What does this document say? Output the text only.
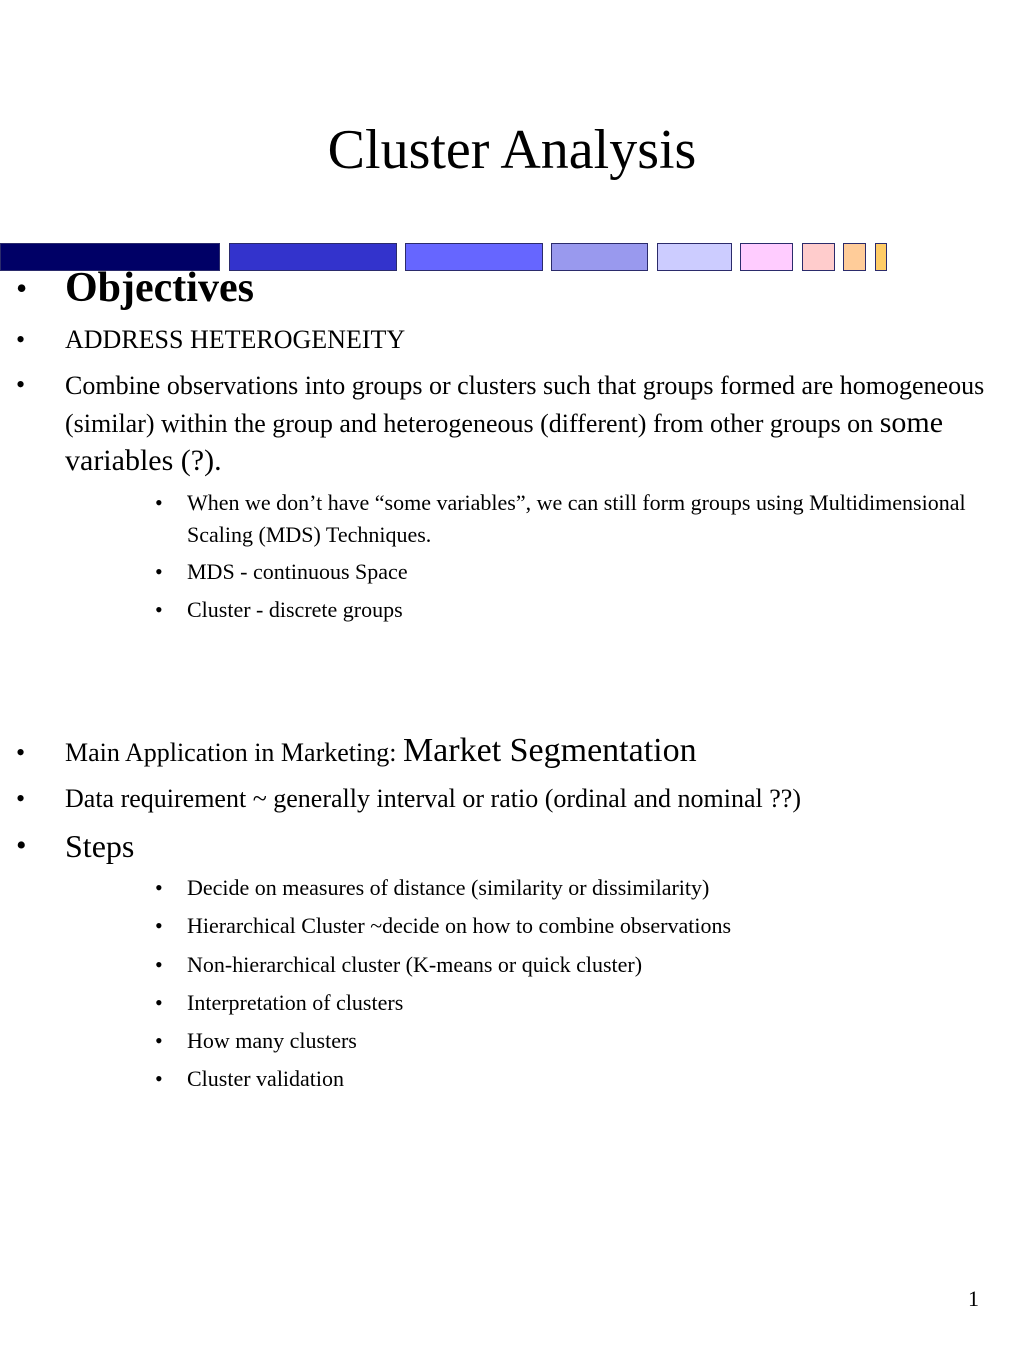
Cluster Analysis
• Objectives
• ADDRESS HETEROGENEITY
• Combine observations into groups or clusters such that groups formed are homogeneous (similar) within the group and heterogeneous (different) from other groups on some variables (?).
• When we don’t have “some variables”, we can still form groups using Multidimensional Scaling (MDS) Techniques.
• MDS - continuous Space
• Cluster - discrete groups
• Main Application in Marketing: Market Segmentation
• Data requirement ~ generally interval or ratio (ordinal and nominal ??)
• Steps
• Decide on measures of distance (similarity or dissimilarity)
• Hierarchical Cluster ~decide on how to combine observations
• Non-hierarchical cluster (K-means or quick cluster)
• Interpretation of clusters
• How many clusters
• Cluster validation
1
